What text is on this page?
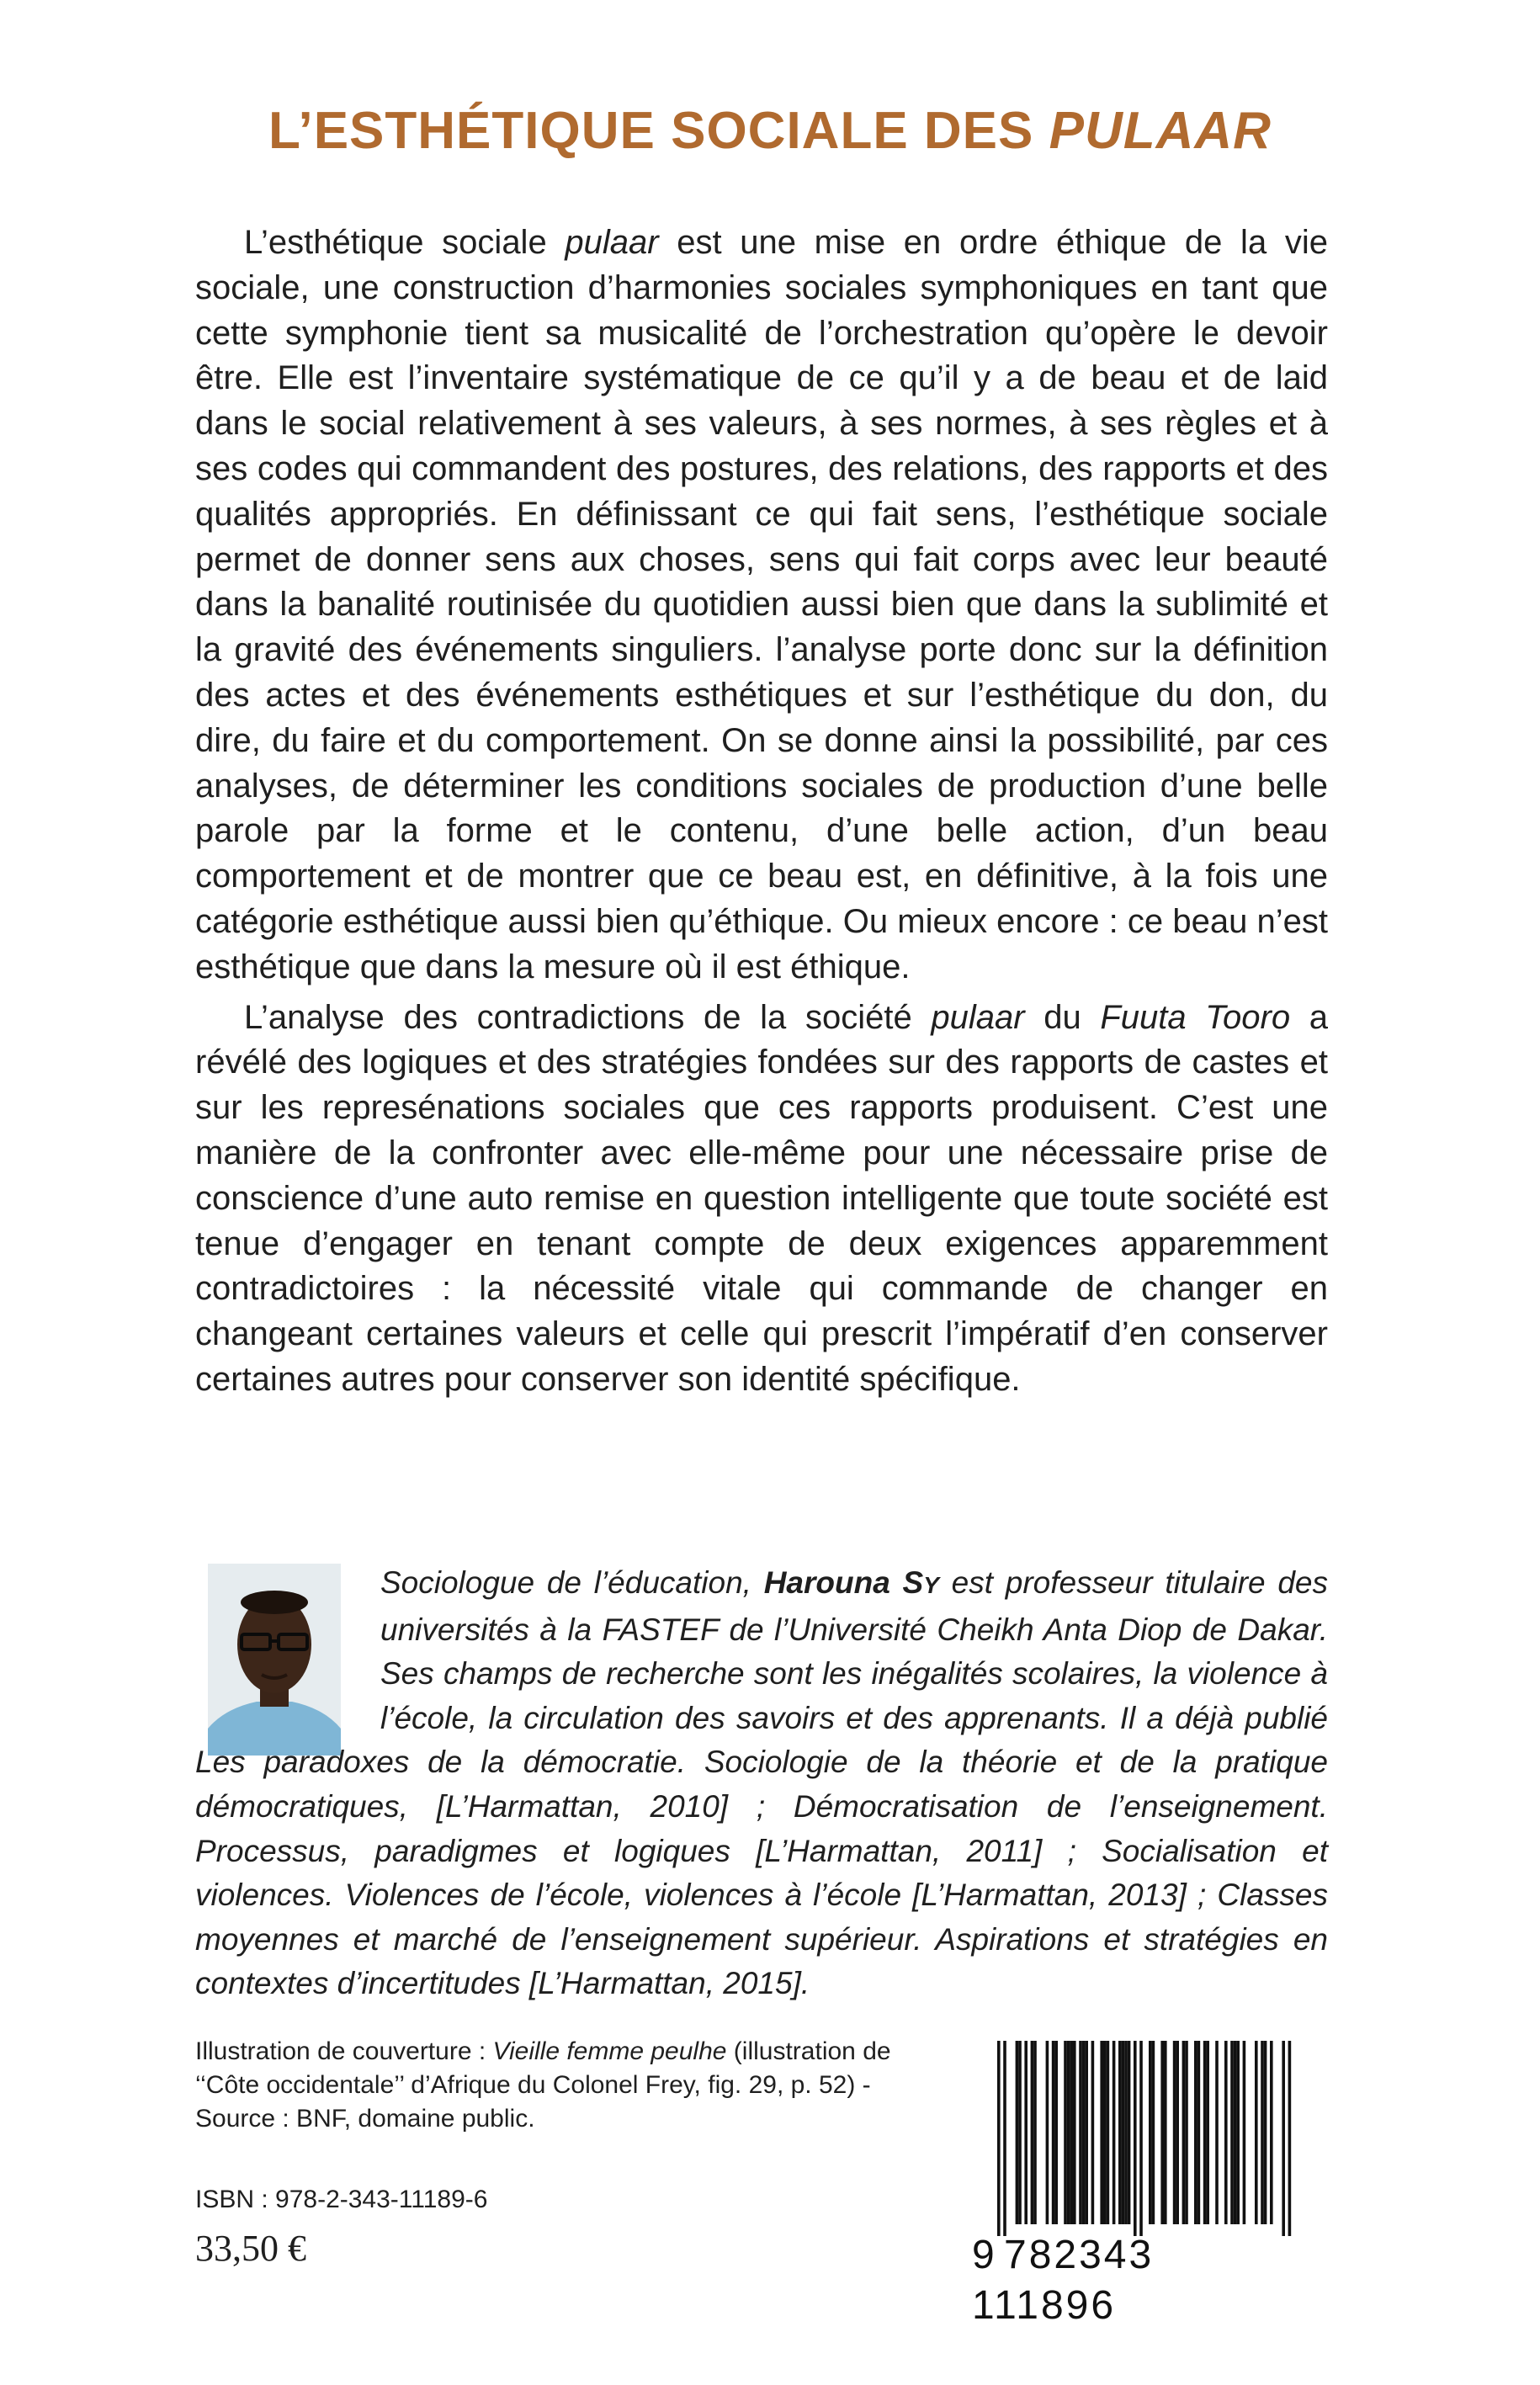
L’ESTHÉTIQUE SOCIALE DES PULAAR

L’esthétique sociale pulaar est une mise en ordre éthique de la vie sociale, une construction d’harmonies sociales symphoniques en tant que cette symphonie tient sa musicalité de l’orchestration qu’opère le devoir être. Elle est l’inventaire systématique de ce qu’il y a de beau et de laid dans le social relativement à ses valeurs, à ses normes, à ses règles et à ses codes qui commandent des postures, des relations, des rapports et des qualités appropriés. En définissant ce qui fait sens, l’esthétique sociale permet de donner sens aux choses, sens qui fait corps avec leur beauté dans la banalité routinisée du quotidien aussi bien que dans la sublimité et la gravité des événements singuliers. l’analyse porte donc sur la définition des actes et des événements esthétiques et sur l’esthétique du don, du dire, du faire et du comportement. On se donne ainsi la possibilité, par ces analyses, de déterminer les conditions sociales de production d’une belle parole par la forme et le contenu, d’une belle action, d’un beau comportement et de montrer que ce beau est, en définitive, à la fois une catégorie esthétique aussi bien qu’éthique. Ou mieux encore : ce beau n’est esthétique que dans la mesure où il est éthique.

L’analyse des contradictions de la société pulaar du Fuuta Tooro a révélé des logiques et des stratégies fondées sur des rapports de castes et sur les represénations sociales que ces rapports produisent. C’est une manière de la confronter avec elle-même pour une nécessaire prise de conscience d’une auto remise en question intelligente que toute société est tenue d’engager en tenant compte de deux exigences apparemment contradictoires : la nécessité vitale qui commande de changer en changeant certaines valeurs et celle qui prescrit l’impératif d’en conserver certaines autres pour conserver son identité spécifique.

Sociologue de l’éducation, Harouna SY est professeur titulaire des universités à la FASTEF de l’Université Cheikh Anta Diop de Dakar. Ses champs de recherche sont les inégalités scolaires, la violence à l’école, la circulation des savoirs et des apprenants. Il a déjà publié Les paradoxes de la démocratie. Sociologie de la théorie et de la pratique démocratiques, [L’Harmattan, 2010] ; Démocratisation de l’enseignement. Processus, paradigmes et logiques [L’Harmattan, 2011] ; Socialisation et violences. Violences de l’école, violences à l’école [L’Harmattan, 2013] ; Classes moyennes et marché de l’enseignement supérieur. Aspirations et stratégies en contextes d’incertitudes [L’Harmattan, 2015].

Illustration de couverture : Vieille femme peulhe (illustration de ‘‘Côte occidentale’’ d’Afrique du Colonel Frey, fig. 29, p. 52) - Source : BNF, domaine public.

ISBN : 978-2-343-11189-6

33,50 €	9 782343111896
